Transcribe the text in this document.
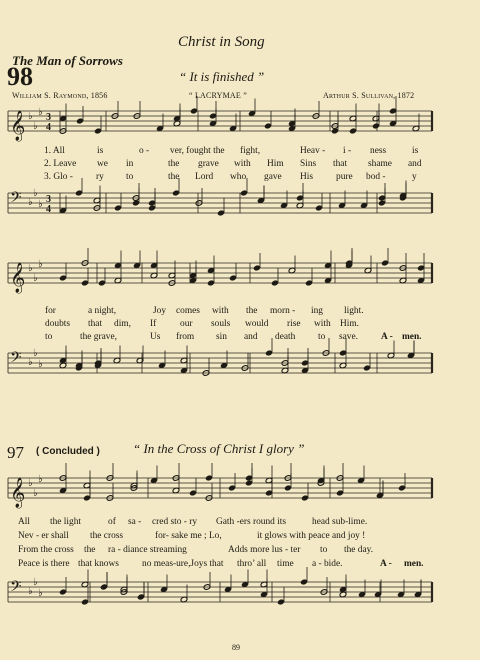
𝄞 ♭
♭
♭ 3
4
𝄢 ♭
♭
♭ 3
4
𝄞 ♭
♭
♭
𝄢 ♭
♭
♭
𝄞 ♭
♭
♭
𝄢 ♭
♭
♭
Christ in Song
The Man of Sorrows
98	“ It is finished ”
William S. Raymond, 1856	“ LACRYMAE ”	Arthur S. Sullivan, 1872
1. All	is	o - ver, fought the fight,	Heav - i - ness	is
2. Leave we in	the grave with Him Sins that shame and
3. Glo - ry to	the Lord who gave His pure bod -	y
for	a night,	Joy comes with the morn - ing light.
doubts that dim, If	our souls would rise with Him.
to	the grave,	Us from sin and death to save. A - men.
97 ( Concluded )	“ In the Cross of Christ I glory ”
All the light	of sa - cred sto - ry Gath -ers round its	head sub-lime.
Nev - er shall the cross	for- sake me ; Lo,	it glows with peace and joy !
From the cross the ra - diance streaming	Adds more lus - ter to the day.
Peace is there that knows no meas-ure,Joys that thro’ all time a - bide.	A - men.
89
